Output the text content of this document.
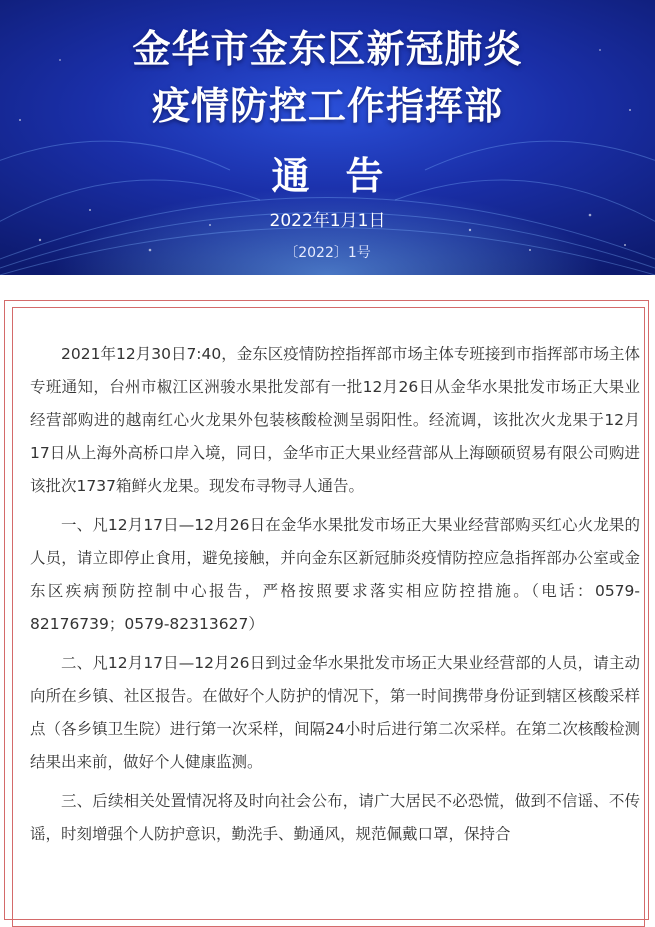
金华市金东区新冠肺炎
疫情防控工作指挥部
通告
2022年1月1日
〔2022〕1号

2021年12月30日7:40，金东区疫情防控指挥部市场主体专班接到市指挥部市场主体专班通知，台州市椒江区洲骏水果批发部有一批12月26日从金华水果批发市场正大果业经营部购进的越南红心火龙果外包装核酸检测呈弱阳性。经流调，该批次火龙果于12月17日从上海外高桥口岸入境，同日，金华市正大果业经营部从上海颐硕贸易有限公司购进该批次1737箱鲜火龙果。现发布寻物寻人通告。

一、凡12月17日—12月26日在金华水果批发市场正大果业经营部购买红心火龙果的人员，请立即停止食用，避免接触，并向金东区新冠肺炎疫情防控应急指挥部办公室或金东区疾病预防控制中心报告，严格按照要求落实相应防控措施。（电话：0579-82176739；0579-82313627）

二、凡12月17日—12月26日到过金华水果批发市场正大果业经营部的人员，请主动向所在乡镇、社区报告。在做好个人防护的情况下，第一时间携带身份证到辖区核酸采样点（各乡镇卫生院）进行第一次采样，间隔24小时后进行第二次采样。在第二次核酸检测结果出来前，做好个人健康监测。

三、后续相关处置情况将及时向社会公布，请广大居民不必恐慌，做到不信谣、不传谣，时刻增强个人防护意识，勤洗手、勤通风，规范佩戴口罩，保持合
